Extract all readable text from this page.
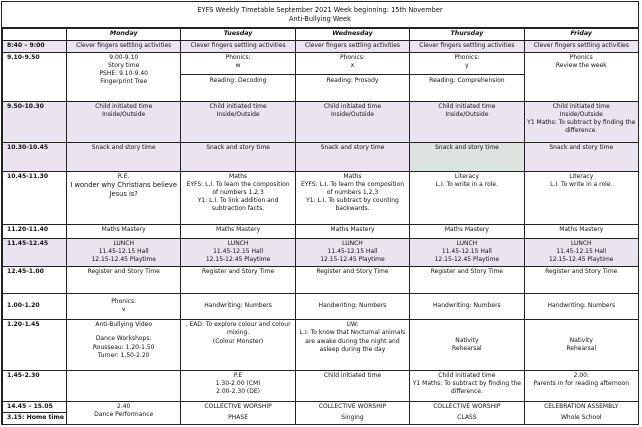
EYFS Weekly Timetable September 2021 Week beginning: 15th November
Anti-Bullying Week
	Monday	Tuesday	Wednesday	Thursday	Friday
8:40 – 9:00	Clever fingers settling activities	Clever fingers settling activities	Clever fingers settling activities	Clever fingers settling activities	Clever fingers settling activities
9.10-9.50	9.00-9.10
Story time
PSHE: 9.10-9.40
Fingerprint Tree	Phonics:
w
Reading: Decoding	Phonics:
x
Reading: Prosody	Phonics:
y
Reading: Comprehension	Phonics
Review the week

9.50-10.30	Child initiated time
Inside/Outside	Child initiated time
Inside/Outside	Child initiated time
Inside/Outside	Child initiated time
Inside/Outside	Child initiated time
Inside/Outside
Y1 Maths: To subtract by finding the difference.

10.30-10.45	Snack and story time	Snack and story time	Snack and story time	Snack and story time	Snack and story time
10.45-11.30	R.E.
I wonder why Christians believe Jesus is?	Maths
EYFS: L.I. To learn the composition of numbers 1,2,3
Y1: L.I. To link addition and subtraction facts.	Maths
EYFS: L.I. To learn the composition of numbers 1,2,3
Y1: L.I. To subtract by counting backwards.	Literacy
L.I. To write in a role.	Literacy
L.I. To write in a role.

11.20-11.40	Maths Mastery	Maths Mastery	Maths Mastery	Maths Mastery	Maths Mastery
11.45-12.45	LUNCH
11.45-12.15 Hall
12.15-12.45 Playtime	LUNCH
11.45-12.15 Hall
12.15-12.45 Playtime	LUNCH
11.45-12.15 Hall
12.15-12.45 Playtime	LUNCH
11.45-12.15 Hall
12.15-12.45 Playtime	LUNCH
11.45-12.15 Hall
12.15-12.45 Playtime

12.45-1.00	Register and Story Time	Register and Story Time	Register and Story Time	Register and Story Time	Register and Story Time
1.00-1.20	Phonics:
v	Handwriting: Numbers	Handwriting: Numbers	Handwriting: Numbers	Handwriting: Numbers
1.20-1.45	Anti-Bullying Video
Dance Workshops:
Rousseau: 1.20-1.50
Turner: 1.50-2.20	. EAD: To explore colour and colour mixing.
(Colour Monster)	UW:
L.I. To know that Nocturnal animals are awake during the night and asleep during the day	Nativity
Rehearsal	Nativity
Rehearsal

1.45-2.30		P.E
1.30-2.00 (CM)
2.00-2.30 (DE)	Child initiated time	Child initiated time
Y1 Maths: To subtract by finding the difference.	2.00:
Parents in for reading afternoon

14.45 – 15.05	2.40
Dance Performance	COLLECTIVE WORSHIP	COLLECTIVE WORSHIP	COLLECTIVE WORSHIP	CELEBRATION ASSEMBLY
3.15: Home time		PHASE	Singing	CLASS	Whole School
